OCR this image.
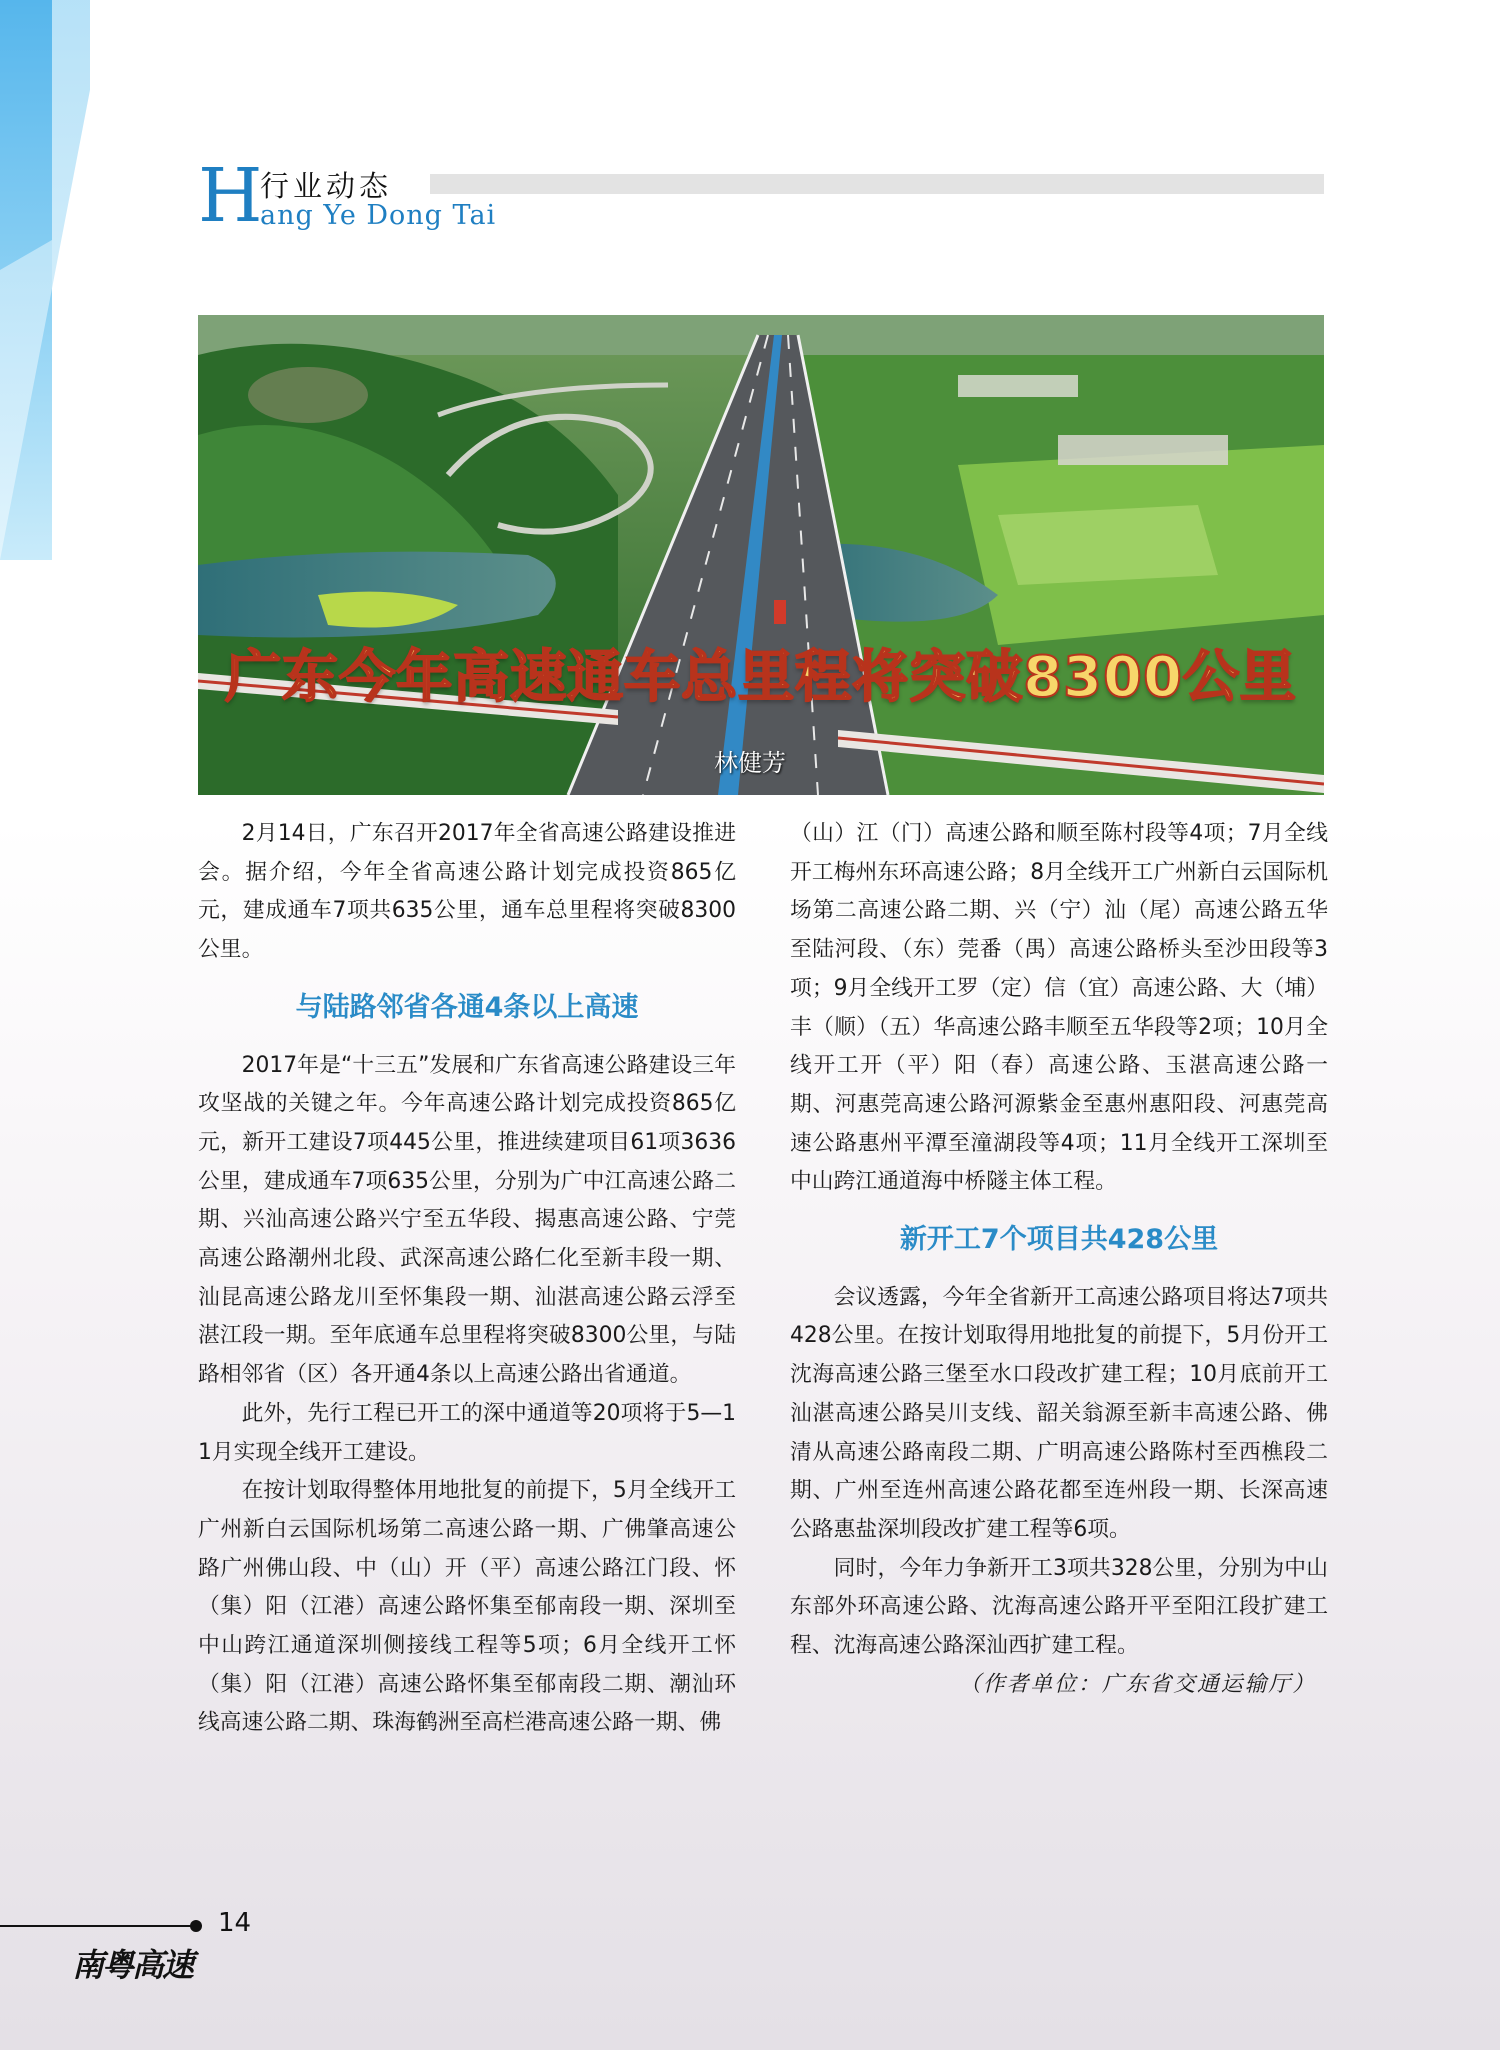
H
行业动态
ang Ye Dong Tai
广东今年高速通车总里程将突破8300公里
林健芳

2月14日，广东召开2017年全省高速公路建设推进会。据介绍，今年全省高速公路计划完成投资865亿元，建成通车7项共635公里，通车总里程将突破8300公里。

与陆路邻省各通4条以上高速

2017年是“十三五”发展和广东省高速公路建设三年攻坚战的关键之年。今年高速公路计划完成投资865亿元，新开工建设7项445公里，推进续建项目61项3636公里，建成通车7项635公里，分别为广中江高速公路二期、兴汕高速公路兴宁至五华段、揭惠高速公路、宁莞高速公路潮州北段、武深高速公路仁化至新丰段一期、汕昆高速公路龙川至怀集段一期、汕湛高速公路云浮至湛江段一期。至年底通车总里程将突破8300公里，与陆路相邻省（区）各开通4条以上高速公路出省通道。

此外，先行工程已开工的深中通道等20项将于5—11月实现全线开工建设。

在按计划取得整体用地批复的前提下，5月全线开工广州新白云国际机场第二高速公路一期、广佛肇高速公路广州佛山段、中（山）开（平）高速公路江门段、怀（集）阳（江港）高速公路怀集至郁南段一期、深圳至中山跨江通道深圳侧接线工程等5项；6月全线开工怀（集）阳（江港）高速公路怀集至郁南段二期、潮汕环线高速公路二期、珠海鹤洲至高栏港高速公路一期、佛

（山）江（门）高速公路和顺至陈村段等4项；7月全线开工梅州东环高速公路；8月全线开工广州新白云国际机场第二高速公路二期、兴（宁）汕（尾）高速公路五华至陆河段、（东）莞番（禺）高速公路桥头至沙田段等3项；9月全线开工罗（定）信（宜）高速公路、大（埔）丰（顺）（五）华高速公路丰顺至五华段等2项；10月全线开工开（平）阳（春）高速公路、玉湛高速公路一期、河惠莞高速公路河源紫金至惠州惠阳段、河惠莞高速公路惠州平潭至潼湖段等4项；11月全线开工深圳至中山跨江通道海中桥隧主体工程。

新开工7个项目共428公里

会议透露，今年全省新开工高速公路项目将达7项共428公里。在按计划取得用地批复的前提下，5月份开工沈海高速公路三堡至水口段改扩建工程；10月底前开工汕湛高速公路吴川支线、韶关翁源至新丰高速公路、佛清从高速公路南段二期、广明高速公路陈村至西樵段二期、广州至连州高速公路花都至连州段一期、长深高速公路惠盐深圳段改扩建工程等6项。

同时，今年力争新开工3项共328公里，分别为中山东部外环高速公路、沈海高速公路开平至阳江段扩建工程、沈海高速公路深汕西扩建工程。

（作者单位：广东省交通运输厅）

14
南粤高速
